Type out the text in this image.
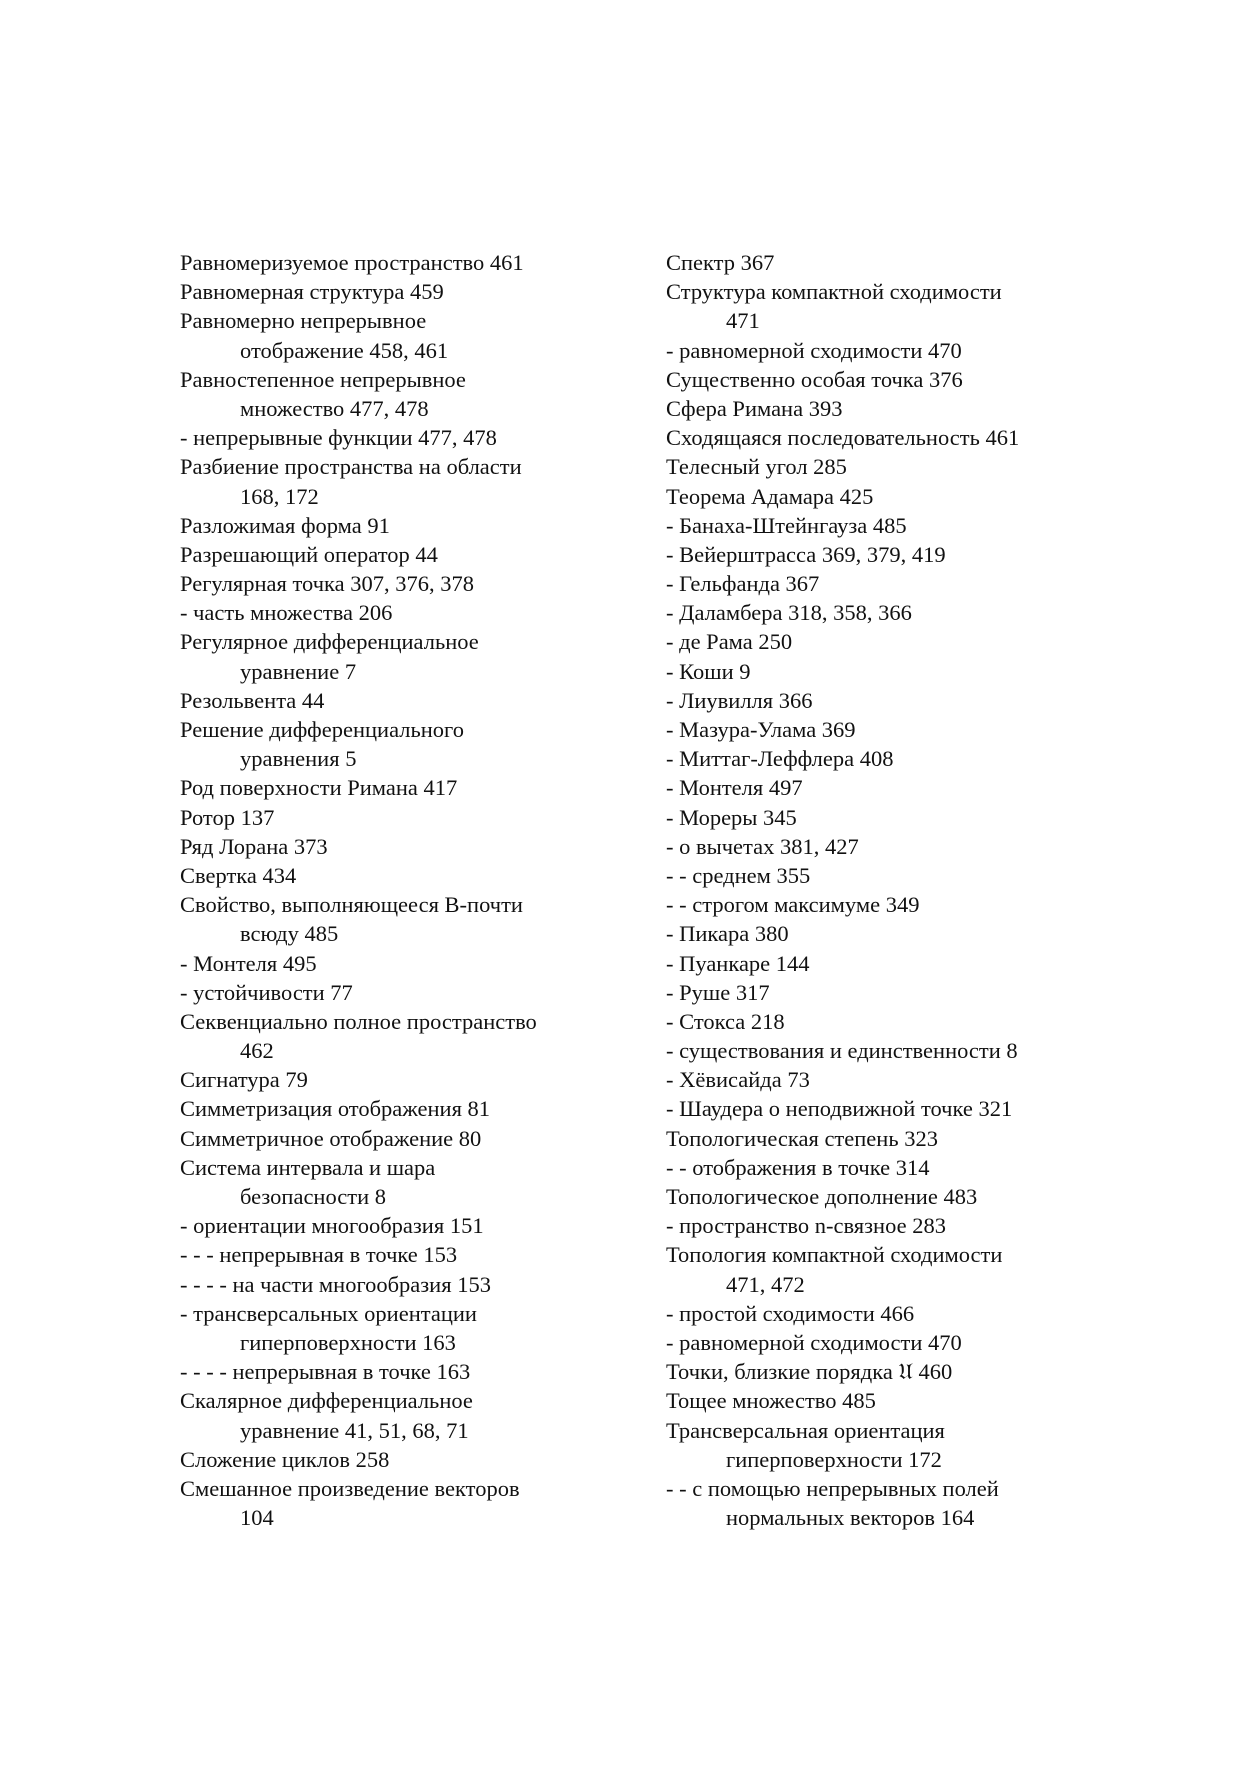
Равномеризуемое пространство 461
Равномерная структура 459
Равномерно непрерывное
отображение 458, 461
Равностепенное непрерывное
множество 477, 478
- непрерывные функции 477, 478
Разбиение пространства на области
168, 172
Разложимая форма 91
Разрешающий оператор 44
Регулярная точка 307, 376, 378
- часть множества 206
Регулярное дифференциальное
уравнение 7
Резольвента 44
Решение дифференциального
уравнения 5
Род поверхности Римана 417
Ротор 137
Ряд Лорана 373
Свертка 434
Свойство, выполняющееся В-почти
всюду 485
- Монтеля 495
- устойчивости 77
Секвенциально полное пространство
462
Сигнатура 79
Симметризация отображения 81
Симметричное отображение 80
Система интервала и шара
безопасности 8
- ориентации многообразия 151
- - - непрерывная в точке 153
- - - - на части многообразия 153
- трансверсальных ориентации
гиперповерхности 163
- - - - непрерывная в точке 163
Скалярное дифференциальное
уравнение 41, 51, 68, 71
Сложение циклов 258
Смешанное произведение векторов
104
Спектр 367
Структура компактной сходимости
471
- равномерной сходимости 470
Существенно особая точка 376
Сфера Римана 393
Сходящаяся последовательность 461
Телесный угол 285
Теорема Адамара 425
- Банаха-Штейнгауза 485
- Вейерштрасса 369, 379, 419
- Гельфанда 367
- Даламбера 318, 358, 366
- де Рама 250
- Коши 9
- Лиувилля 366
- Мазура-Улама 369
- Миттаг-Леффлера 408
- Монтеля 497
- Мореры 345
- о вычетах 381, 427
- - среднем 355
- - строгом максимуме 349
- Пикара 380
- Пуанкаре 144
- Руше 317
- Стокса 218
- существования и единственности 8
- Хёвисайда 73
- Шаудера о неподвижной точке 321
Топологическая степень 323
- - отображения в точке 314
Топологическое дополнение 483
- пространство n-связное 283
Топология компактной сходимости
471, 472
- простой сходимости 466
- равномерной сходимости 470
Точки, близкие порядка 𝔘 460
Тощее множество 485
Трансверсальная ориентация
гиперповерхности 172
- - с помощью непрерывных полей
нормальных векторов 164
